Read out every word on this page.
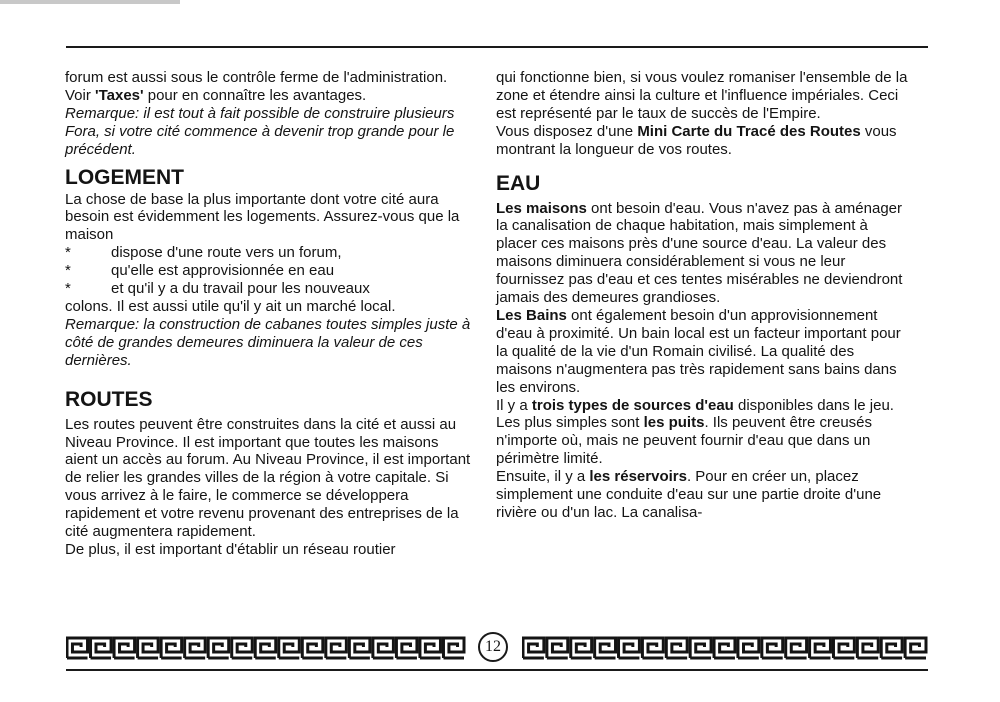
forum est aussi sous le contrôle ferme de l'administration. Voir 'Taxes' pour en connaître les avantages.

Remarque: il est tout à fait possible de construire plusieurs Fora, si votre cité commence à devenir trop grande pour le précédent.

LOGEMENT

La chose de base la plus importante dont votre cité aura besoin est évidemment les logements. Assurez-vous que la maison

*	dispose d'une route vers un forum,
*	qu'elle est approvisionnée en eau
*	et qu'il y a du travail pour les nouveaux

colons. Il est aussi utile qu'il y ait un marché local.

Remarque: la construction de cabanes toutes simples juste à côté de grandes demeures diminuera la valeur de ces dernières.

ROUTES

Les routes peuvent être construites dans la cité et aussi au Niveau Province. Il est important que toutes les maisons aient un accès au forum. Au Niveau Province, il est important de relier les grandes villes de la région à votre capitale. Si vous arrivez à le faire, le commerce se développera rapidement et votre revenu provenant des entreprises de la cité augmentera rapidement.

De plus, il est important d'établir un réseau routier

qui fonctionne bien, si vous voulez romaniser l'ensemble de la zone et étendre ainsi la culture et l'influence impériales. Ceci est représenté par le taux de succès de l'Empire.

Vous disposez d'une Mini Carte du Tracé des Routes vous montrant la longueur de vos routes.

EAU

Les maisons ont besoin d'eau. Vous n'avez pas à aménager la canalisation de chaque habitation, mais simplement à placer ces maisons près d'une source d'eau. La valeur des maisons diminuera considérablement si vous ne leur fournissez pas d'eau et ces tentes misérables ne deviendront jamais des demeures grandioses.

Les Bains ont également besoin d'un approvisionnement d'eau à proximité. Un bain local est un facteur important pour la qualité de la vie d'un Romain civilisé. La qualité des maisons n'augmentera pas très rapidement sans bains dans les environs.

Il y a trois types de sources d'eau disponibles dans le jeu. Les plus simples sont les puits. Ils peuvent être creusés n'importe où, mais ne peuvent fournir d'eau que dans un périmètre limité.

Ensuite, il y a les réservoirs. Pour en créer un, placez simplement une conduite d'eau sur une partie droite d'une rivière ou d'un lac. La canalisa-

12
